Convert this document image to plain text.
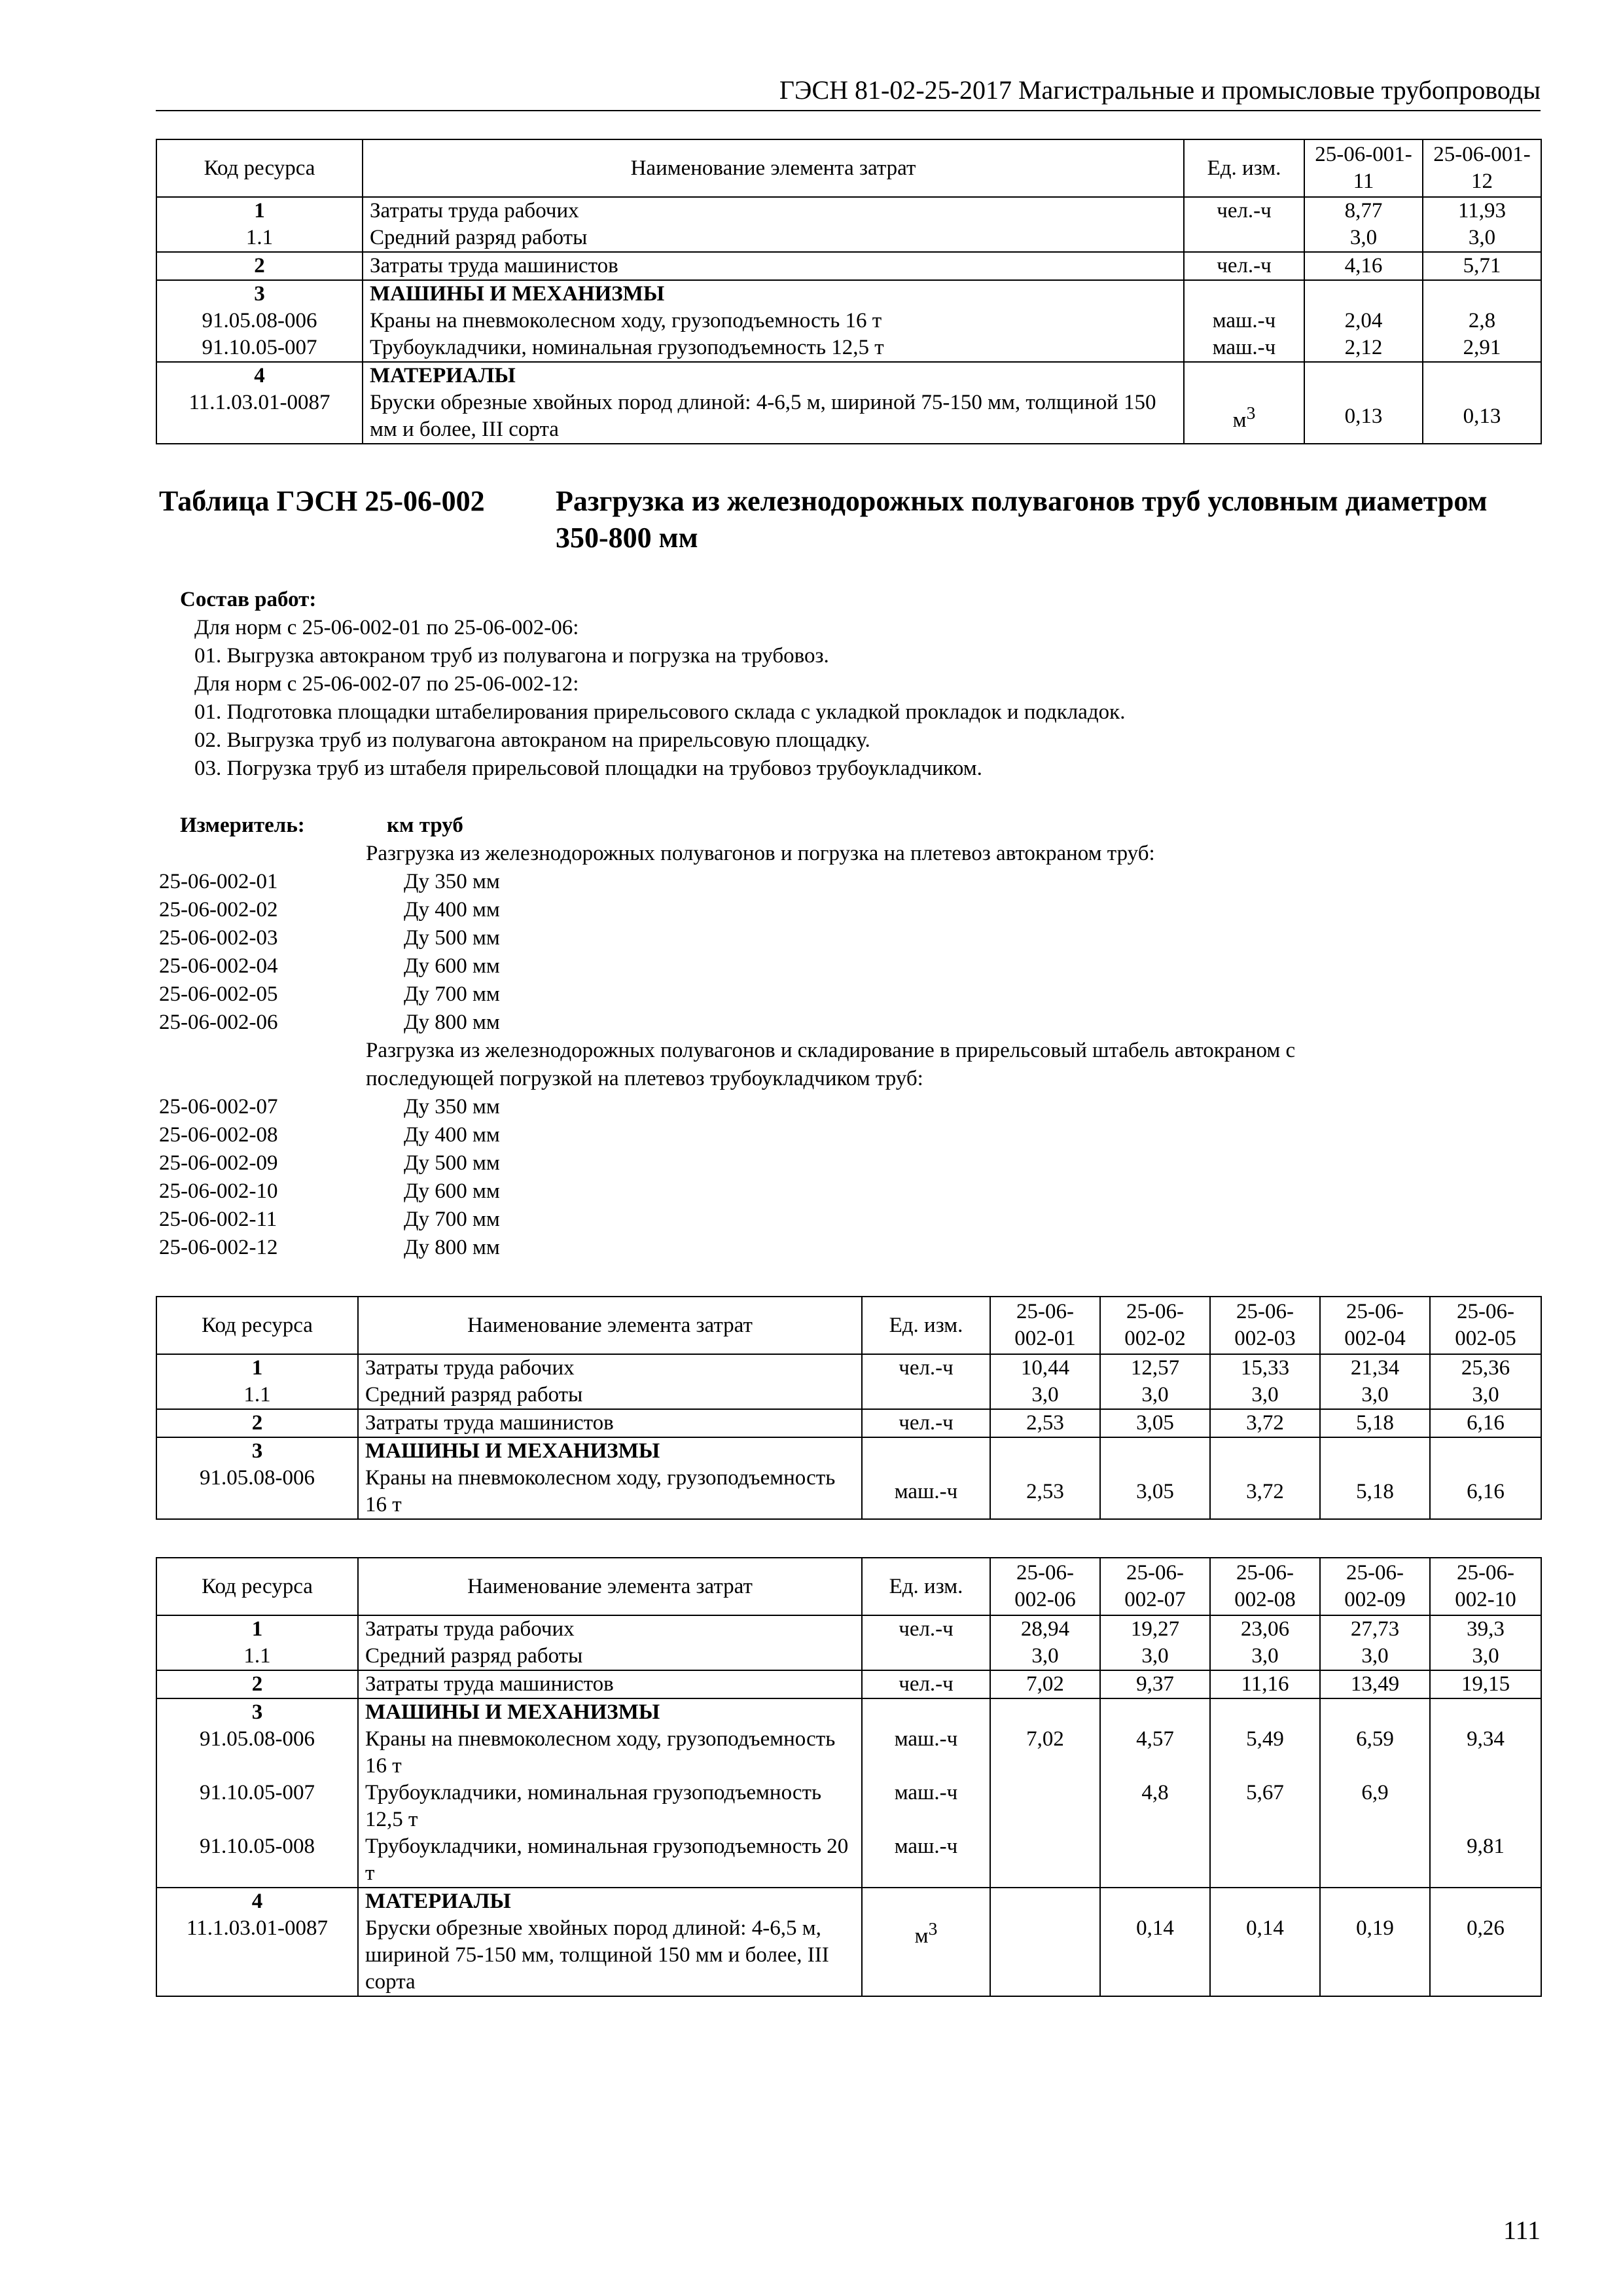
ГЭСН 81-02-25-2017 Магистральные и промысловые трубопроводы
Код ресурса	Наименование элемента затрат	Ед. изм.	25-06-001-11	25-06-001-12
1	Затраты труда рабочих	чел.-ч	8,77	11,93
1.1	Средний разряд работы		3,0	3,0
2	Затраты труда машинистов	чел.-ч	4,16	5,71
3	МАШИНЫ И МЕХАНИЗМЫ			
91.05.08-006	Краны на пневмоколесном ходу, грузоподъемность 16 т	маш.-ч	2,04	2,8
91.10.05-007	Трубоукладчики, номинальная грузоподъемность 12,5 т	маш.-ч	2,12	2,91
4	МАТЕРИАЛЫ			
11.1.03.01-0087	Бруски обрезные хвойных пород длиной: 4-6,5 м, шириной 75-150 мм, толщиной 150 мм и более, III сорта	$м^3$	0,13	0,13
Таблица ГЭСН 25-06-002 Разгрузка из железнодорожных полувагонов труб условным диаметром 350-800 мм
Состав работ:
Для норм с 25-06-002-01 по 25-06-002-06:
01. Выгрузка автокраном труб из полувагона и погрузка на трубовоз.
Для норм с 25-06-002-07 по 25-06-002-12:
01. Подготовка площадки штабелирования прирельсового склада с укладкой прокладок и подкладок.
02. Выгрузка труб из полувагона автокраном на прирельсовую площадку.
03. Погрузка труб из штабеля прирельсовой площадки на трубовоз трубоукладчиком.
Измеритель:	км труб
Разгрузка из железнодорожных полувагонов и погрузка на плетевоз автокраном труб:
25-06-002-01	Ду 350 мм
25-06-002-02	Ду 400 мм
25-06-002-03	Ду 500 мм
25-06-002-04	Ду 600 мм
25-06-002-05	Ду 700 мм
25-06-002-06	Ду 800 мм
Разгрузка из железнодорожных полувагонов и складирование в прирельсовый штабель автокраном с
последующей погрузкой на плетевоз трубоукладчиком труб:
25-06-002-07	Ду 350 мм
25-06-002-08	Ду 400 мм
25-06-002-09	Ду 500 мм
25-06-002-10	Ду 600 мм
25-06-002-11	Ду 700 мм
25-06-002-12	Ду 800 мм
Код ресурса	Наименование элемента затрат	Ед. изм.	25-06-002-01	25-06-002-02	25-06-002-03	25-06-002-04	25-06-002-05
1	Затраты труда рабочих	чел.-ч	10,44	12,57	15,33	21,34	25,36
1.1	Средний разряд работы		3,0	3,0	3,0	3,0	3,0
2	Затраты труда машинистов	чел.-ч	2,53	3,05	3,72	5,18	6,16
3	МАШИНЫ И МЕХАНИЗМЫ						
91.05.08-006	Краны на пневмоколесном ходу, грузоподъемность 16 т	маш.-ч	2,53	3,05	3,72	5,18	6,16
Код ресурса	Наименование элемента затрат	Ед. изм.	25-06-002-06	25-06-002-07	25-06-002-08	25-06-002-09	25-06-002-10
1	Затраты труда рабочих	чел.-ч	28,94	19,27	23,06	27,73	39,3
1.1	Средний разряд работы		3,0	3,0	3,0	3,0	3,0
2	Затраты труда машинистов	чел.-ч	7,02	9,37	11,16	13,49	19,15
3	МАШИНЫ И МЕХАНИЗМЫ						
91.05.08-006	Краны на пневмоколесном ходу, грузоподъемность 16 т	маш.-ч	7,02	4,57	5,49	6,59	9,34
91.10.05-007	Трубоукладчики, номинальная грузоподъемность 12,5 т	маш.-ч		4,8	5,67	6,9	
91.10.05-008	Трубоукладчики, номинальная грузоподъемность 20 т	маш.-ч					9,81
4	МАТЕРИАЛЫ						
11.1.03.01-0087	Бруски обрезные хвойных пород длиной: 4-6,5 м, шириной 75-150 мм, толщиной 150 мм и более, III сорта	$м^3$		0,14	0,14	0,19	0,26
111
